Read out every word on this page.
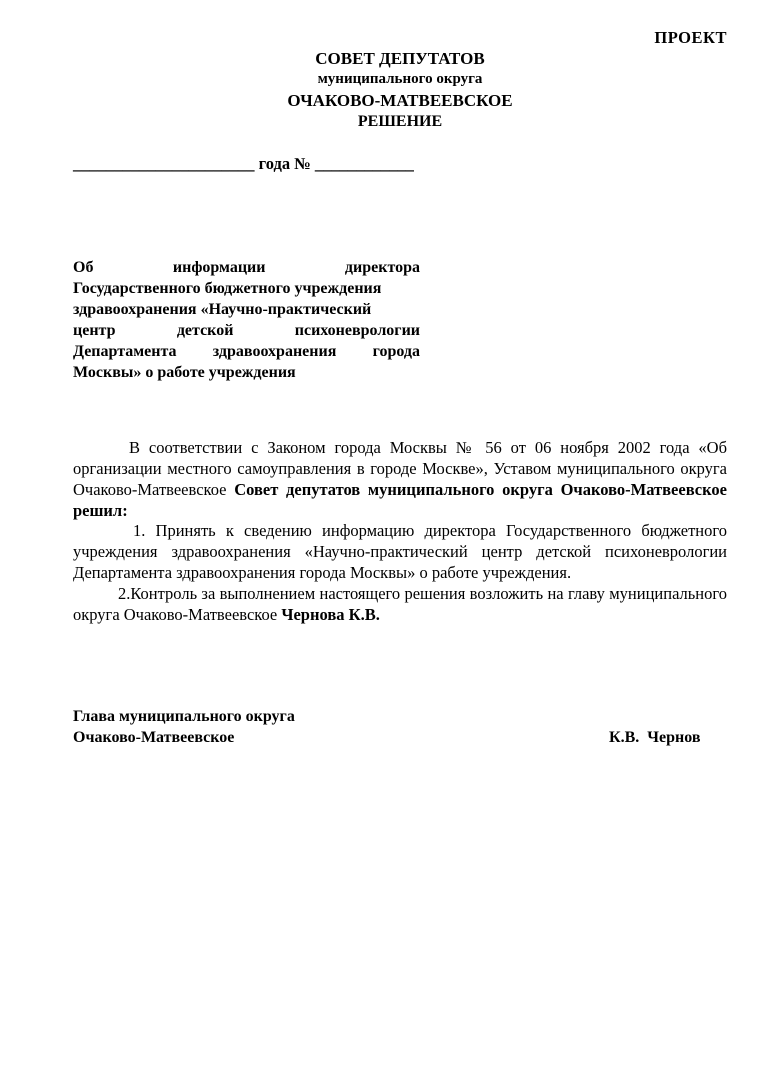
ПРОЕКТ
СОВЕТ ДЕПУТАТОВ
муниципального округа
ОЧАКОВО-МАТВЕЕВСКОЕ
РЕШЕНИЕ
______________________ года № ____________
Об информации директора
Государственного бюджетного учреждения
здравоохранения «Научно-практический
центр детской психоневрологии
Департамента здравоохранения города
Москвы» о работе учреждения
В соответствии с Законом города Москвы № 56 от 06 ноября 2002 года «Об организации местного самоуправления в городе Москве», Уставом муниципального округа Очаково-Матвеевское Совет депутатов муниципального округа Очаково-Матвеевское решил:
1. Принять к сведению информацию директора Государственного бюджетного учреждения здравоохранения «Научно-практический центр детской психоневрологии Департамента здравоохранения города Москвы» о работе учреждения.
2.Контроль за выполнением настоящего решения возложить на главу муниципального округа Очаково-Матвеевское Чернова К.В.
Глава муниципального округа
Очаково-Матвеевское	К.В.  Чернов
